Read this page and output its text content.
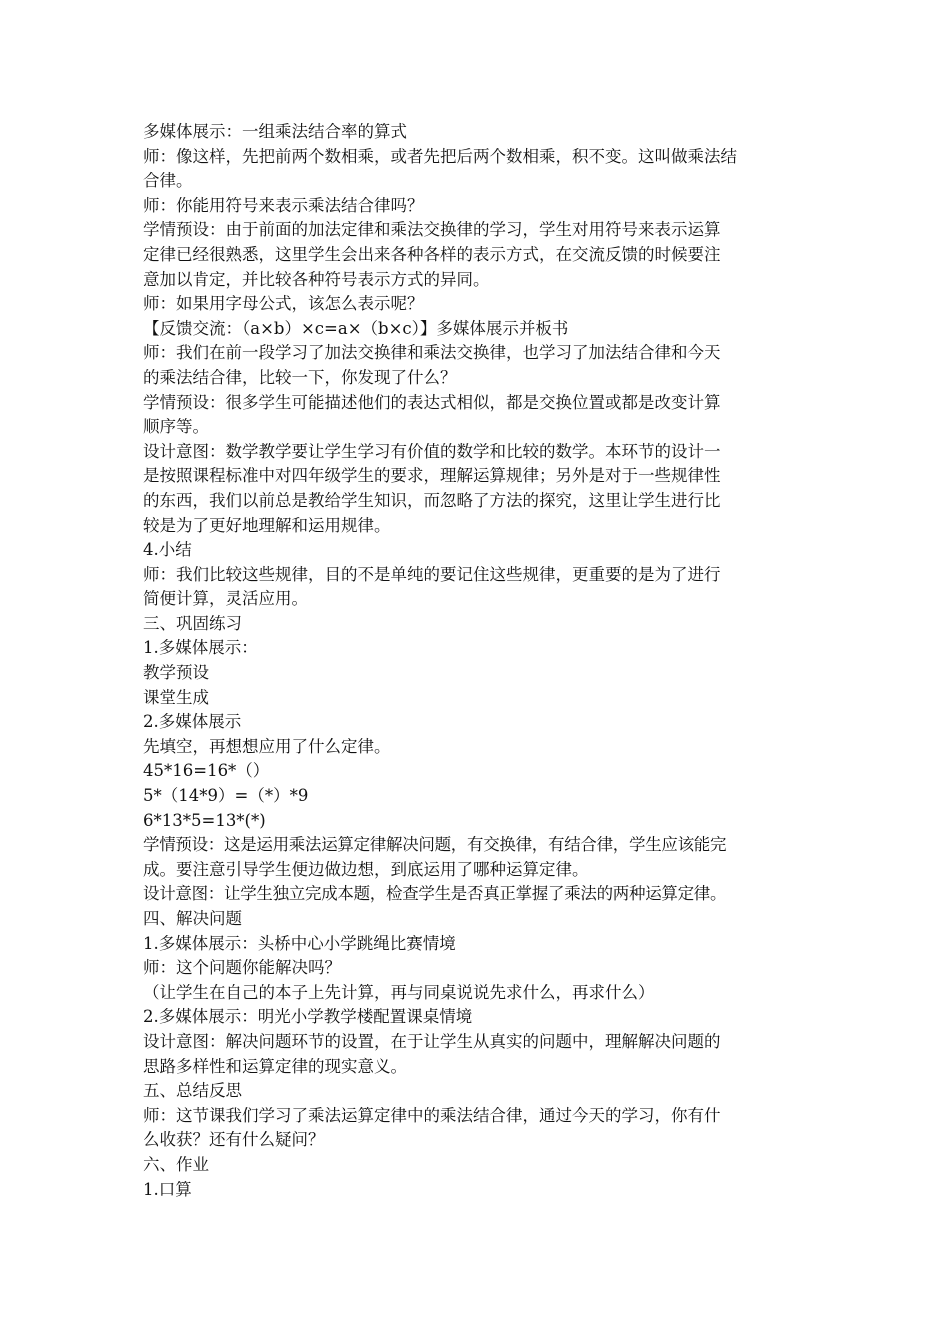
多媒体展示：一组乘法结合率的算式
师：像这样，先把前两个数相乘，或者先把后两个数相乘，积不变。这叫做乘法结
合律。
师：你能用符号来表示乘法结合律吗？
学情预设：由于前面的加法定律和乘法交换律的学习，学生对用符号来表示运算
定律已经很熟悉，这里学生会出来各种各样的表示方式，在交流反馈的时候要注
意加以肯定，并比较各种符号表示方式的异同。
师：如果用字母公式，该怎么表示呢？
【反馈交流：（a×b）×c=a×（b×c）】多媒体展示并板书
师：我们在前一段学习了加法交换律和乘法交换律，也学习了加法结合律和今天
的乘法结合律，比较一下，你发现了什么？
学情预设：很多学生可能描述他们的表达式相似，都是交换位置或都是改变计算
顺序等。
设计意图：数学教学要让学生学习有价值的数学和比较的数学。本环节的设计一
是按照课程标准中对四年级学生的要求，理解运算规律；另外是对于一些规律性
的东西，我们以前总是教给学生知识，而忽略了方法的探究，这里让学生进行比
较是为了更好地理解和运用规律。
4.小结
师：我们比较这些规律，目的不是单纯的要记住这些规律，更重要的是为了进行
简便计算，灵活应用。
三、巩固练习
1.多媒体展示：
教学预设
课堂生成
2.多媒体展示
先填空，再想想应用了什么定律。
45*16=16*（）
5*（14*9）=（*）*9
6*13*5=13*(*)
学情预设：这是运用乘法运算定律解决问题，有交换律，有结合律，学生应该能完
成。要注意引导学生便边做边想，到底运用了哪种运算定律。
设计意图：让学生独立完成本题，检查学生是否真正掌握了乘法的两种运算定律。
四、解决问题
1.多媒体展示：头桥中心小学跳绳比赛情境
师：这个问题你能解决吗？
（让学生在自己的本子上先计算，再与同桌说说先求什么，再求什么）
2.多媒体展示：明光小学教学楼配置课桌情境
设计意图：解决问题环节的设置，在于让学生从真实的问题中，理解解决问题的
思路多样性和运算定律的现实意义。
五、总结反思
师：这节课我们学习了乘法运算定律中的乘法结合律，通过今天的学习，你有什
么收获？还有什么疑问？
六、作业
1.口算
